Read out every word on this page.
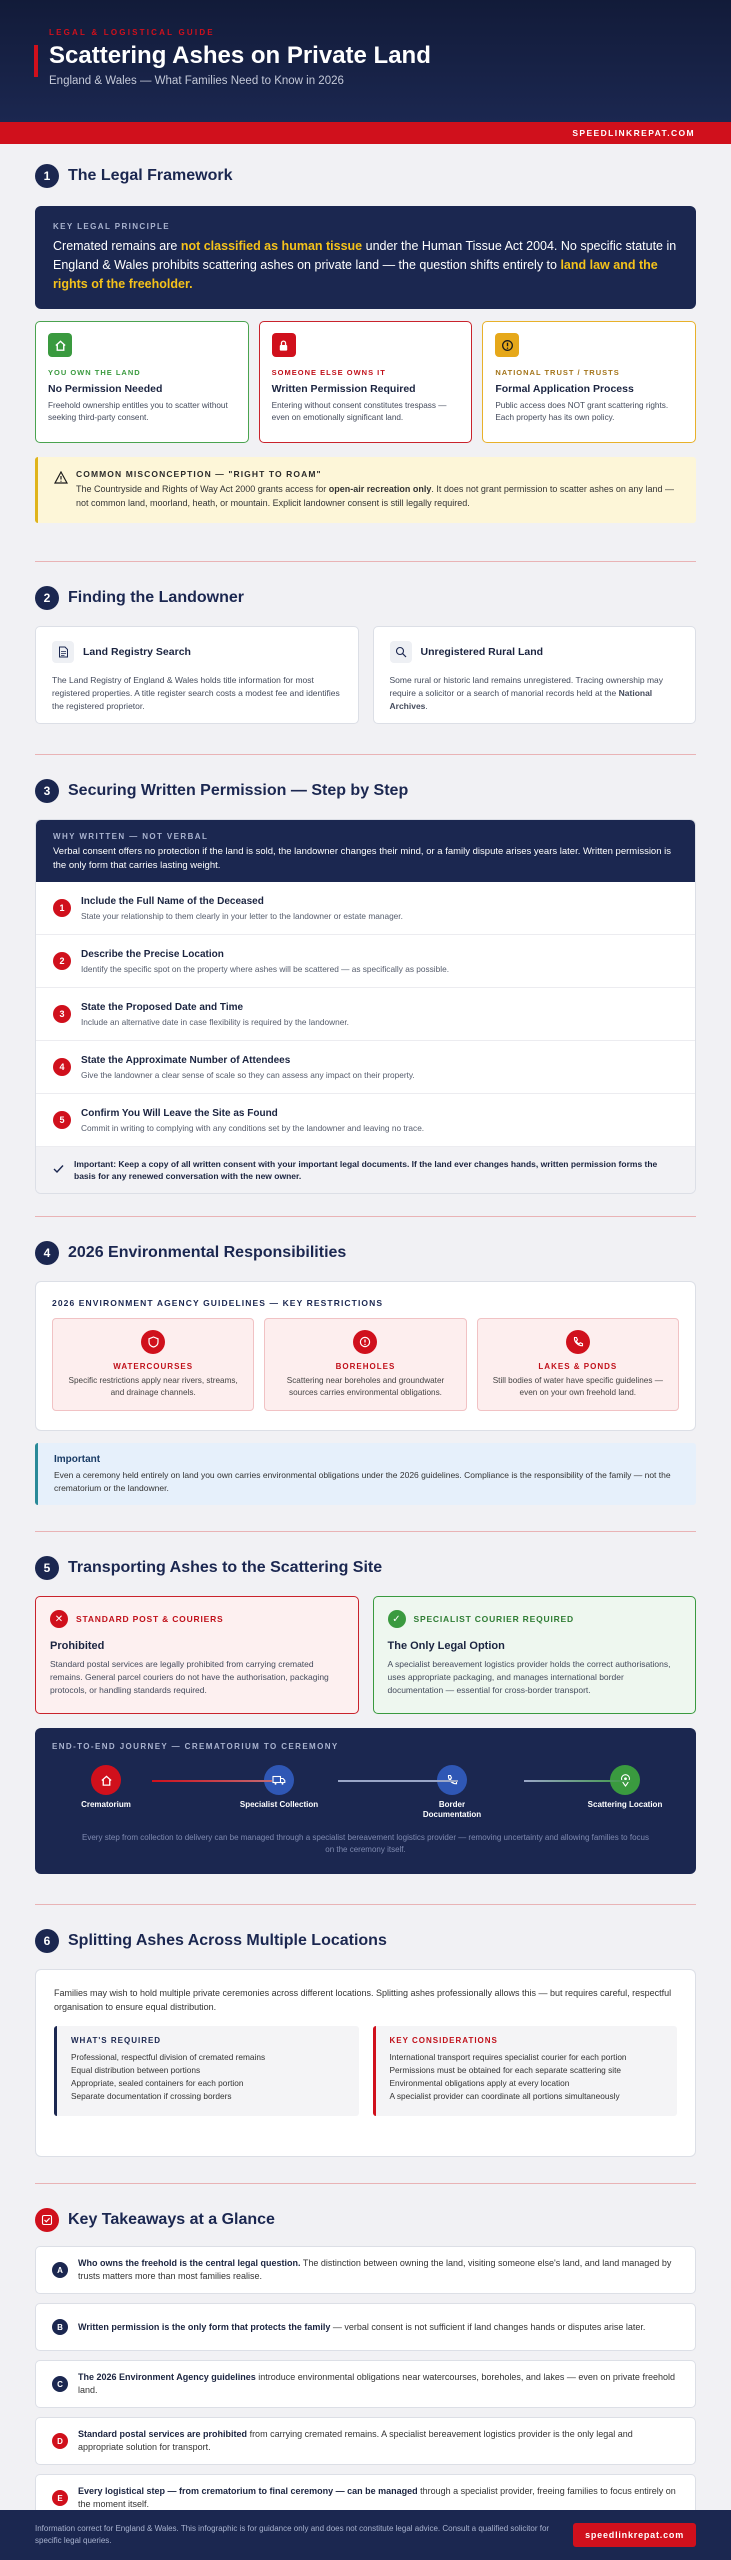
LEGAL & LOGISTICAL GUIDE
Scattering Ashes on Private Land
England & Wales — What Families Need to Know in 2026
SPEEDLINKREPAT.COM
1	The Legal Framework
KEY LEGAL PRINCIPLE
Cremated remains are not classified as human tissue under the Human Tissue Act 2004. No specific statute in England & Wales prohibits scattering ashes on private land — the question shifts entirely to land law and the rights of the freeholder.
YOU OWN THE LAND
No Permission Needed
Freehold ownership entitles you to scatter without seeking third-party consent.
SOMEONE ELSE OWNS IT
Written Permission Required
Entering without consent constitutes trespass — even on emotionally significant land.
NATIONAL TRUST / TRUSTS
Formal Application Process
Public access does NOT grant scattering rights. Each property has its own policy.
COMMON MISCONCEPTION — "RIGHT TO ROAM"
The Countryside and Rights of Way Act 2000 grants access for open-air recreation only. It does not grant permission to scatter ashes on any land — not common land, moorland, heath, or mountain. Explicit landowner consent is still legally required.
2	Finding the Landowner
Land Registry Search
The Land Registry of England & Wales holds title information for most registered properties. A title register search costs a modest fee and identifies the registered proprietor.
Unregistered Rural Land
Some rural or historic land remains unregistered. Tracing ownership may require a solicitor or a search of manorial records held at the National Archives.
3	Securing Written Permission — Step by Step
WHY WRITTEN — NOT VERBAL
Verbal consent offers no protection if the land is sold, the landowner changes their mind, or a family dispute arises years later. Written permission is the only form that carries lasting weight.
1
Include the Full Name of the Deceased
State your relationship to them clearly in your letter to the landowner or estate manager.
2
Describe the Precise Location
Identify the specific spot on the property where ashes will be scattered — as specifically as possible.
3
State the Proposed Date and Time
Include an alternative date in case flexibility is required by the landowner.
4
State the Approximate Number of Attendees
Give the landowner a clear sense of scale so they can assess any impact on their property.
5
Confirm You Will Leave the Site as Found
Commit in writing to complying with any conditions set by the landowner and leaving no trace.
Important: Keep a copy of all written consent with your important legal documents. If the land ever changes hands, written permission forms the basis for any renewed conversation with the new owner.
4	2026 Environmental Responsibilities
2026 ENVIRONMENT AGENCY GUIDELINES — KEY RESTRICTIONS
WATERCOURSES
Specific restrictions apply near rivers, streams, and drainage channels.
BOREHOLES
Scattering near boreholes and groundwater sources carries environmental obligations.
LAKES & PONDS
Still bodies of water have specific guidelines — even on your own freehold land.
Important
Even a ceremony held entirely on land you own carries environmental obligations under the 2026 guidelines. Compliance is the responsibility of the family — not the crematorium or the landowner.
5	Transporting Ashes to the Scattering Site
✕	STANDARD POST & COURIERS
Prohibited
Standard postal services are legally prohibited from carrying cremated remains. General parcel couriers do not have the authorisation, packaging protocols, or handling standards required.
✓	SPECIALIST COURIER REQUIRED
The Only Legal Option
A specialist bereavement logistics provider holds the correct authorisations, uses appropriate packaging, and manages international border documentation — essential for cross-border transport.
END-TO-END JOURNEY — CREMATORIUM TO CEREMONY
Crematorium	Specialist Collection	Border Documentation
Scattering Location
Every step from collection to delivery can be managed through a specialist bereavement logistics provider — removing uncertainty and allowing families to focus on the ceremony itself.
6	Splitting Ashes Across Multiple Locations
Families may wish to hold multiple private ceremonies across different locations. Splitting ashes professionally allows this — but requires careful, respectful organisation to ensure equal distribution.
WHAT'S REQUIRED
Professional, respectful division of cremated remains
Equal distribution between portions
Appropriate, sealed containers for each portion
Separate documentation if crossing borders
KEY CONSIDERATIONS
International transport requires specialist courier for each portion
Permissions must be obtained for each separate scattering site
Environmental obligations apply at every location
A specialist provider can coordinate all portions simultaneously
Key Takeaways at a Glance
A
Who owns the freehold is the central legal question. The distinction between owning the land, visiting someone else's land, and land managed by trusts matters more than most families realise.
B	Written permission is the only form that protects the family — verbal consent is not sufficient if land changes hands or disputes arise later.
C
The 2026 Environment Agency guidelines introduce environmental obligations near watercourses, boreholes, and lakes — even on private freehold land.
D
Standard postal services are prohibited from carrying cremated remains. A specialist bereavement logistics provider is the only legal and appropriate solution for transport.
E
Every logistical step — from crematorium to final ceremony — can be managed through a specialist provider, freeing families to focus entirely on the moment itself.
Information correct for England & Wales. This infographic is for guidance only and does not constitute legal advice. Consult a qualified solicitor for specific legal queries.
speedlinkrepat.com
